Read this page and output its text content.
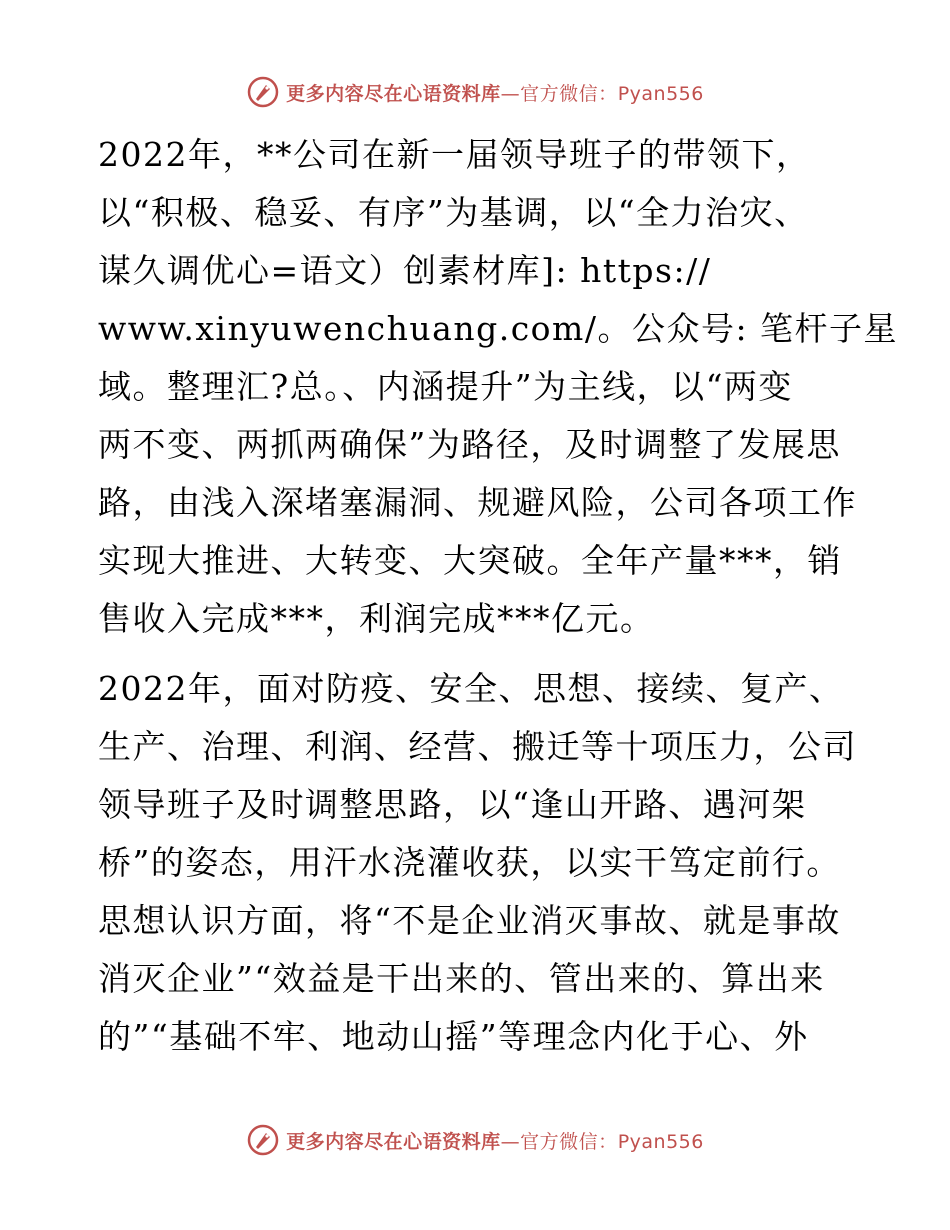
更多内容尽在心语资料库—官方微信：Pyan556
2022年，**公司在新一届领导班子的带领下，
以“积极、稳妥、有序”为基调，以“全力治灾、
谋久调优心=语文）创素材库]: https://
www.xinyuwenchuang.com/。公众号: 笔杆子星
域。整理汇?总。、内涵提升”为主线，以“两变
两不变、两抓两确保”为路径，及时调整了发展思
路，由浅入深堵塞漏洞、规避风险，公司各项工作
实现大推进、大转变、大突破。全年产量***，销
售收入完成***，利润完成***亿元。
2022年，面对防疫、安全、思想、接续、复产、
生产、治理、利润、经营、搬迁等十项压力，公司
领导班子及时调整思路，以“逢山开路、遇河架
桥”的姿态，用汗水浇灌收获，以实干笃定前行。
思想认识方面，将“不是企业消灭事故、就是事故
消灭企业”“效益是干出来的、管出来的、算出来
的”“基础不牢、地动山摇”等理念内化于心、外
更多内容尽在心语资料库—官方微信：Pyan556
